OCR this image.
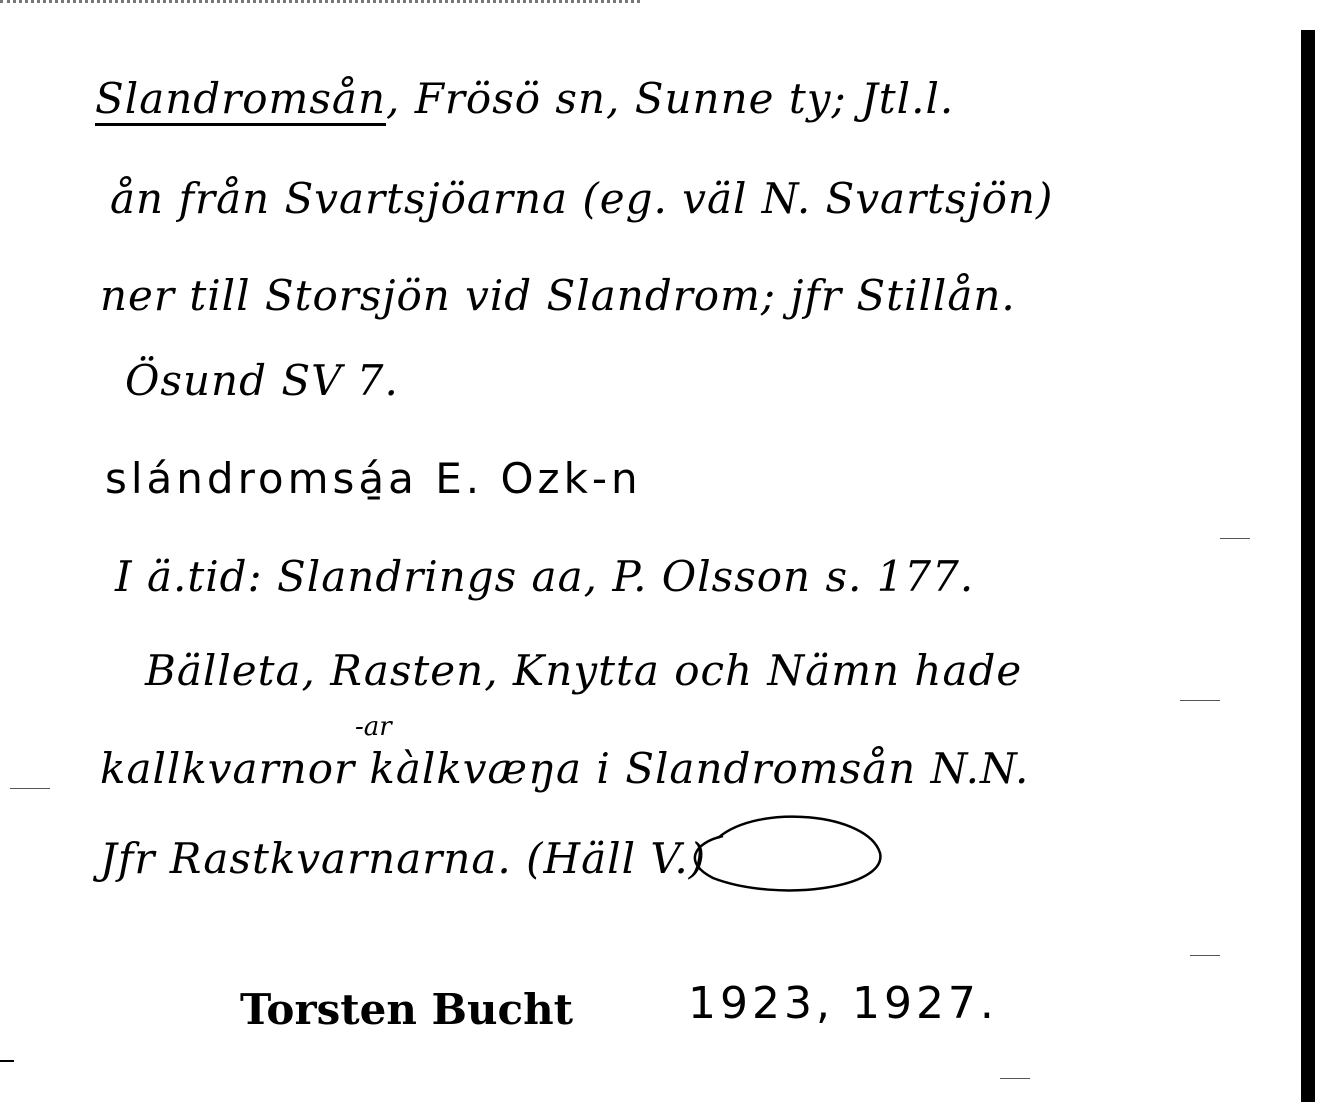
Slandromsån, Frösö sn, Sunne ty; Jtl.l.
ån från Svartsjöarna (eg. väl N. Svartsjön)
ner till Storsjön vid Slandrom; jfr Stillån.
Ösund SV 7.
slándromsá̱a E. Ozk-n
I ä.tid: Slandrings aa, P. Olsson s. 177.
Bälleta, Rasten, Knytta och Nämn hade
-ar
kallkvarnor kàlkvæŋa i Slandromsån N.N.
Jfr Rastkvarnarna. (Häll V.)
Torsten Bucht	1923, 1927.
